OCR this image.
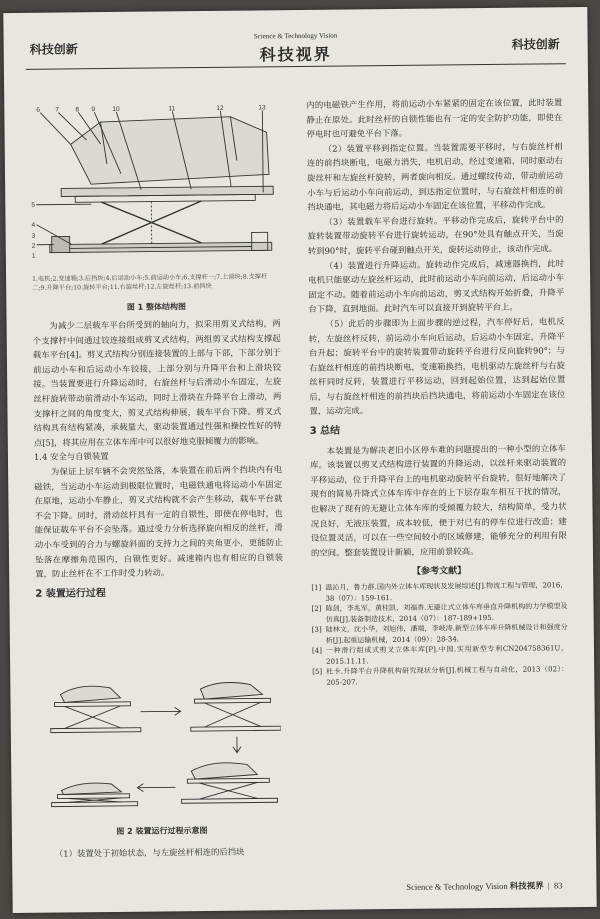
科技创新
Science & Technology Vision
科技视界
科技创新
6 7	8 9	10	11	12	13
5
4
3
2
1
1.电机;2.变速箱;3.后挡块;4.后运动小车;5.前运动小车;6.支撑杆一;7.上滑块;8.支撑杆二;9.升降平台;10.旋转平台;11.右旋丝杆;12.左旋丝杆;13.前挡块
图 1 整体结构图

为减少二层载车平台所受到的轴向力，拟采用剪叉式结构，两个支撑杆中间通过铰连接组成剪叉式结构，两组剪叉式结构支撑起载车平台[4]。剪叉式结构分别连接装置的上部与下部，下部分别于前运动小车和后运动小车铰接，上部分别与升降平台和上滑块铰接。当装置要进行升降运动时，右旋丝杆与后滑动小车固定，左旋丝杆旋转带动前滑动小车运动，同时上滑块在升降平台上滑动，两支撑杆之间的角度变大，剪叉式结构伸展，载车平台下降。剪叉式结构具有结构紧凑，承载量大，驱动装置通过性强和操控性好的特点[5]，将其应用在立体车库中可以很好地克服倾覆力的影响。

1.4 安全与自锁装置

为保证上层车辆不会突然坠落，本装置在前后两个挡块内有电磁铁，当运动小车运动到极限位置时，电磁铁通电将运动小车固定在原地，运动小车静止，剪叉式结构就不会产生移动，载车平台就不会下降。同时，滑动丝杆具有一定的自锁性，即使在停电时，也能保证载车平台不会坠落。通过受力分析选择旋向相反的丝杆，滑动小车受到的合力与螺旋斜面的支持力之间的夹角更小，更能防止坠落在摩擦角范围内，自锁性更好。减速箱内也有相应的自锁装置，防止丝杆在不工作时受力转动。

2 装置运行过程
图 2 装置运行过程示意图

（1）装置处于初始状态，与左旋丝杆相连的后挡块

内的电磁铁产生作用，将前运动小车紧紧的固定在该位置，此时装置静止在原处。此时丝杆的自锁性能也有一定的安全防护功能，即使在停电时也可避免平台下落。

（2）装置平移到指定位置。当装置需要平移时，与右旋丝杆相连的前挡块断电，电磁力消失，电机启动，经过变速箱，同时驱动右旋丝杆和左旋丝杆旋转，两者旋向相反。通过螺纹传动，带动前运动小车与后运动小车向前运动，到达指定位置时，与右旋丝杆相连的前挡块通电，其电磁力将后运动小车固定在该位置，平移动作完成。

（3）装置载车平台进行旋转。平移动作完成后，旋转平台中的旋转装置带动旋转平台进行旋转运动，在90°处具有触点开关，当旋转到90°时，旋转平台碰到触点开关，旋转运动停止，该动作完成。

（4）装置进行升降运动。旋转动作完成后，减速器换挡，此时电机只能驱动左旋丝杆运动，此时前运动小车向前运动，后运动小车固定不动。随着前运动小车向前运动，剪叉式结构开始折叠，升降平台下降，直到地面。此时汽车可以直接开到旋转平台上。

（5）此后的步骤即为上面步骤的逆过程，汽车停好后，电机反转，左旋丝杆反转，前运动小车向后运动，后运动小车固定，升降平台升起；旋转平台中的旋转装置带动旋转平台进行反向旋转90°；与右旋丝杆相连的前挡块断电，变速箱换挡，电机驱动左旋丝杆与右旋丝杆同时反转，装置进行平移运动，回到起始位置，达到起始位置后，与右旋丝杆相连的前挡块后挡块通电，将前运动小车固定在该位置，运动完成。

3 总结

本装置是为解决老旧小区停车难的问题提出的一种小型的立体车库。该装置以剪叉式结构进行装置的升降运动，以丝杆来驱动装置的平移运动，位于升降平台上的电机驱动旋转平台旋转，很好地解决了现有的简易升降式立体车库中存在的上下层存取车相互干扰的情况，也解决了现有的无避让立体车库的受倾覆力较大，结构简单，受力状况良好，无液压装置，成本较低，便于对已有的停车位进行改造；建设位置灵活，可以在一些空间较小的区域修建，能够充分的利用有限的空间。整套装置设计新颖，应用前景较高。

【参考文献】
[1] 温沁月，鲁力群.国内外立体车库现状及发展综述[J].物流工程与管理，2016，38（07）：159-161.
[2] 陈剑，李兆军，黄桂凯，刘福香.无避让式立体车库垂直升降机构的力学模型及仿真[J].装备制造技术，2014（07）：187-189+195.
[3] 陆林文，沈小华，刘旭伟，潘端，李岐涛.新型立体车库升降机械设计和强度分析[J].起重运输机械，2014（09）：28-34.
[4] 一种滑行组成式剪叉立体车库[P].中国.实用新型专利CN204758361U，2015.11.11.
[5] 杜卡.升降平台升降机构研究现状分析[J].机械工程与自动化，2013（02）：205-207.
Science & Technology Vision 科技视界  |  83
